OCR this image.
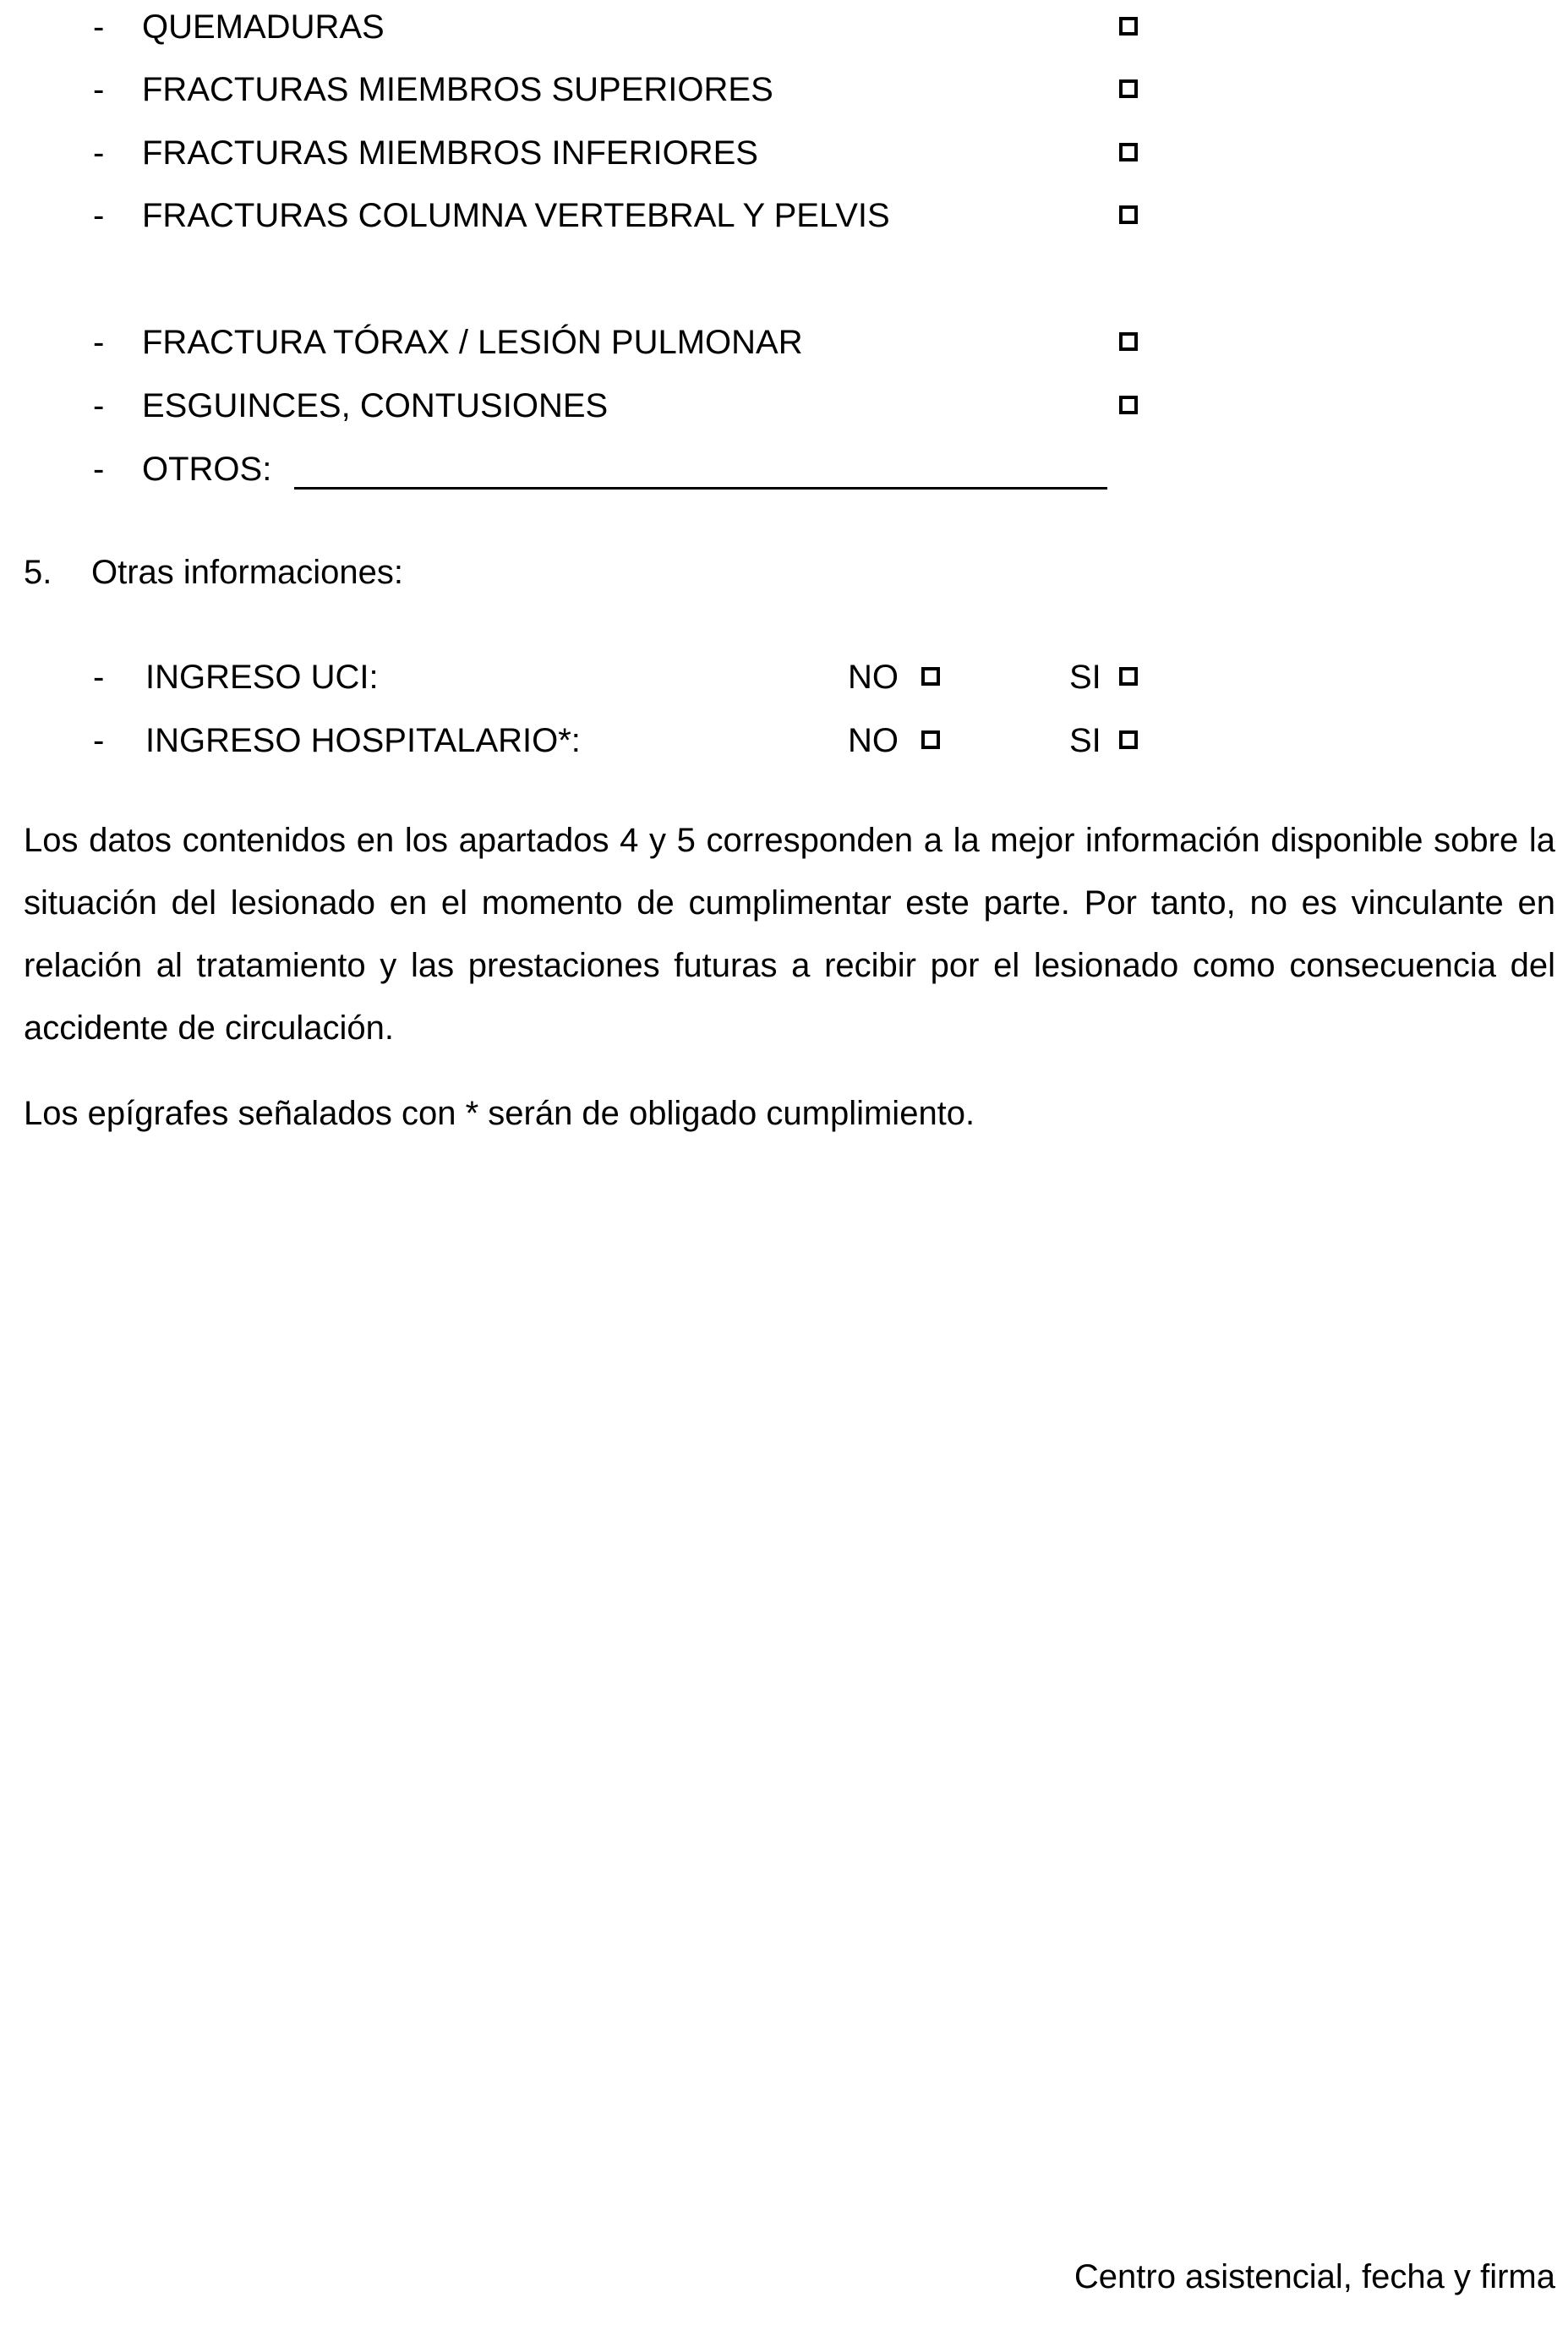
- QUEMADURAS
- FRACTURAS MIEMBROS SUPERIORES
- FRACTURAS MIEMBROS INFERIORES
- FRACTURAS COLUMNA VERTEBRAL Y PELVIS
- FRACTURA TÓRAX / LESIÓN PULMONAR
- ESGUINCES, CONTUSIONES
- OTROS:
5. Otras informaciones:
- INGRESO UCI:	NO	SI
- INGRESO HOSPITALARIO*:	NO	SI

Los datos contenidos en los apartados 4 y 5 corresponden a la mejor información disponible sobre la situación del lesionado en el momento de cumplimentar este parte. Por tanto, no es vinculante en relación al tratamiento y las prestaciones futuras a recibir por el lesionado como consecuencia del accidente de circulación.

Los epígrafes señalados con * serán de obligado cumplimiento.

Centro asistencial, fecha y firma
